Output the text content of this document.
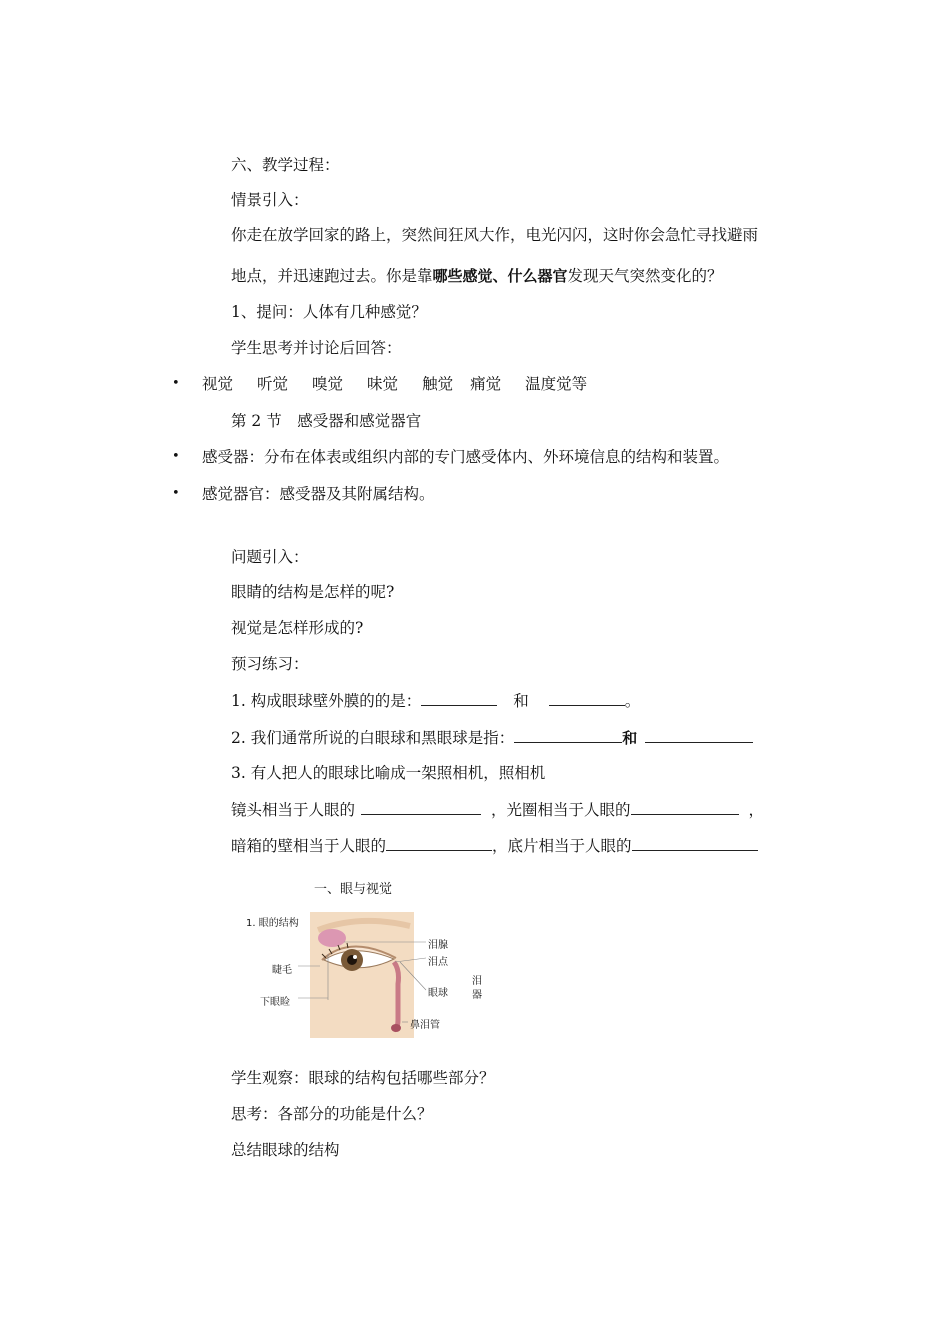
六、教学过程：
情景引入：
你走在放学回家的路上，突然间狂风大作，电光闪闪，这时你会急忙寻找避雨
地点，并迅速跑过去。你是靠哪些感觉、什么器官发现天气突然变化的？
1、提问：人体有几种感觉？
学生思考并讨论后回答：
• 视觉 听觉 嗅觉 味觉 触觉 痛觉 温度觉等
第 2 节　感受器和感觉器官
• 感受器：分布在体表或组织内部的专门感受体内、外环境信息的结构和装置。
• 感觉器官：感受器及其附属结构。
问题引入：
眼睛的结构是怎样的呢?
视觉是怎样形成的?
预习练习：
1. 构成眼球壁外膜的的是：	和	。
2. 我们通常所说的白眼球和黑眼球是指：	和
3. 有人把人的眼球比喻成一架照相机，照相机
镜头相当于人眼的	，光圈相当于人眼的	，
暗箱的壁相当于人眼的	，底片相当于人眼的
一、眼与视觉
1. 眼的结构
泪腺
泪点
睫毛
眼球
泪
器
下眼睑
鼻泪管
学生观察：眼球的结构包括哪些部分？
思考：各部分的功能是什么？
总结眼球的结构
